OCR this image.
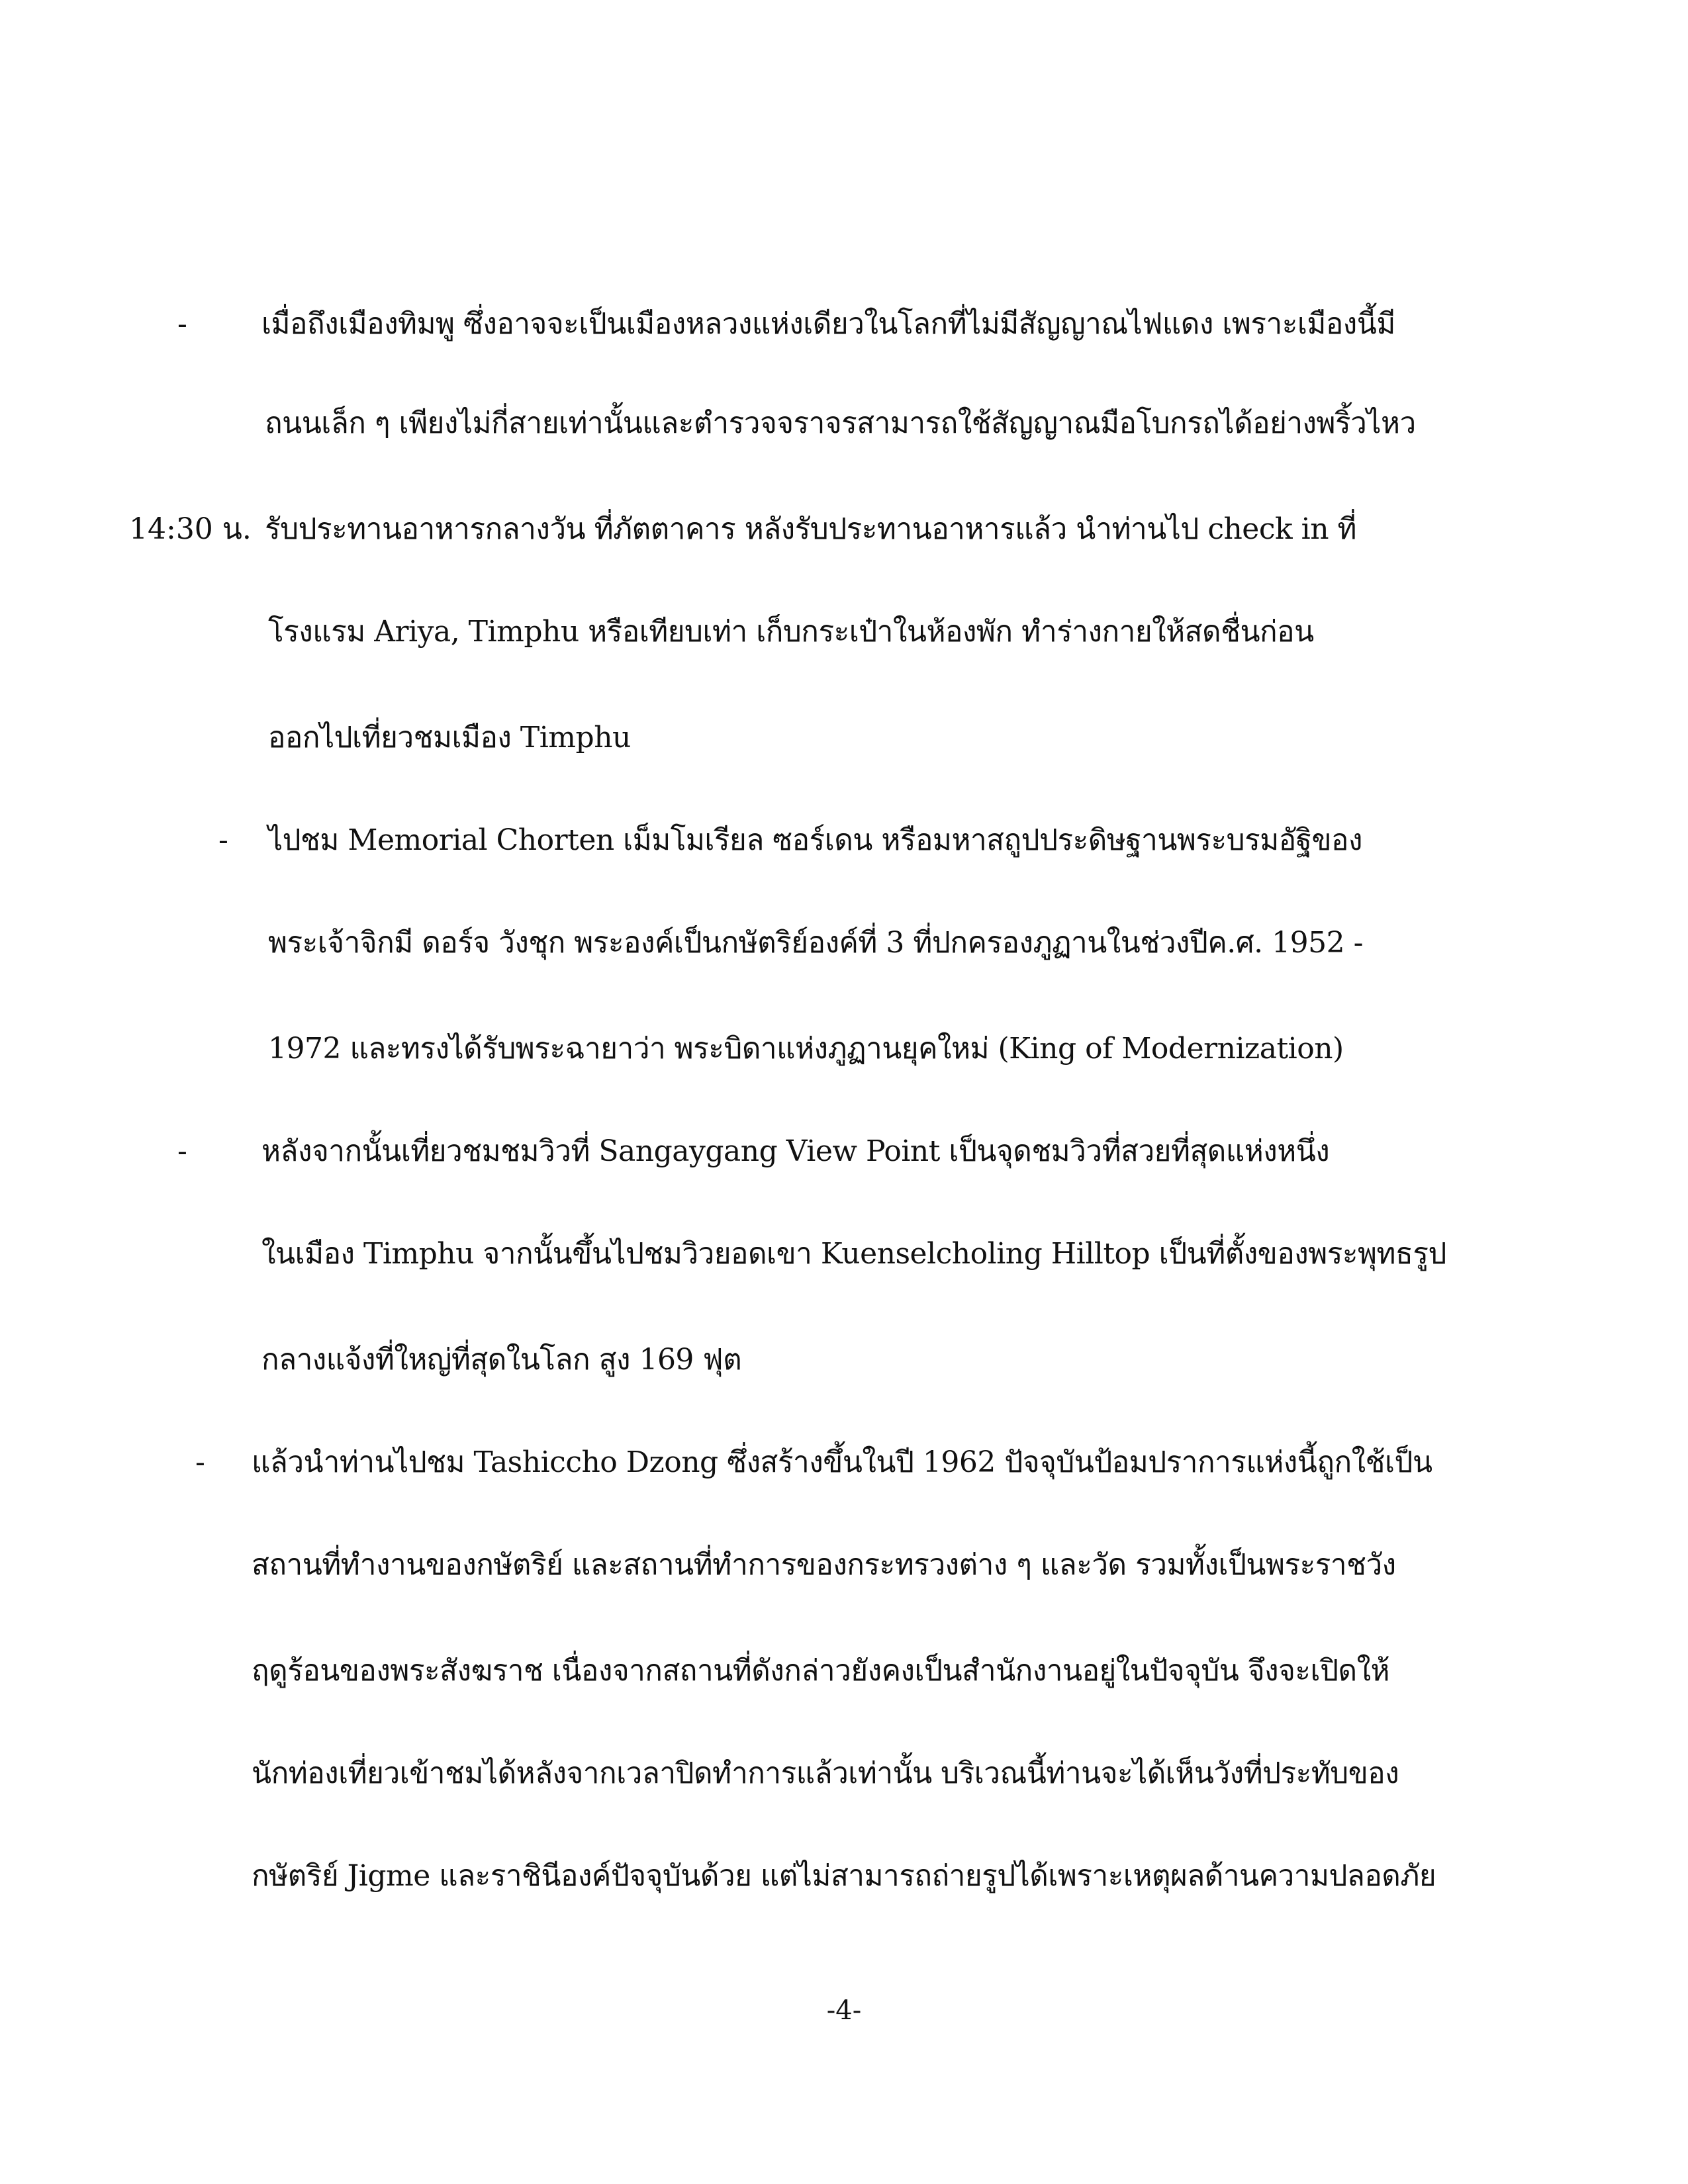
-	เมื่อถึงเมืองทิมพู ซึ่งอาจจะเป็นเมืองหลวงแห่งเดียวในโลกที่ไม่มีสัญญาณไฟแดง เพราะเมืองนี้มี
ถนนเล็ก ๆ เพียงไม่กี่สายเท่านั้นและตำรวจจราจรสามารถใช้สัญญาณมือโบกรถได้อย่างพริ้วไหว
14:30 น. รับประทานอาหารกลางวัน ที่ภัตตาคาร หลังรับประทานอาหารแล้ว นำท่านไป check in ที่
โรงแรม Ariya, Timphu หรือเทียบเท่า เก็บกระเป๋าในห้องพัก ทำร่างกายให้สดชื่นก่อน
ออกไปเที่ยวชมเมือง Timphu
- ไปชม Memorial Chorten เม็มโมเรียล ซอร์เดน หรือมหาสถูปประดิษฐานพระบรมอัฐิของ
พระเจ้าจิกมี ดอร์จ วังชุก พระองค์เป็นกษัตริย์องค์ที่ 3 ที่ปกครองภูฏานในช่วงปีค.ศ. 1952 -
1972 และทรงได้รับพระฉายาว่า พระบิดาแห่งภูฏานยุคใหม่ (King of Modernization)
-	หลังจากนั้นเที่ยวชมชมวิวที่ Sangaygang View Point เป็นจุดชมวิวที่สวยที่สุดแห่งหนึ่ง
ในเมือง Timphu จากนั้นขึ้นไปชมวิวยอดเขา Kuenselcholing Hilltop เป็นที่ตั้งของพระพุทธรูป
กลางแจ้งที่ใหญ่ที่สุดในโลก สูง 169 ฟุต
- แล้วนำท่านไปชม Tashiccho Dzong ซึ่งสร้างขึ้นในปี 1962 ปัจจุบันป้อมปราการแห่งนี้ถูกใช้เป็น
สถานที่ทำงานของกษัตริย์ และสถานที่ทำการของกระทรวงต่าง ๆ และวัด รวมทั้งเป็นพระราชวัง
ฤดูร้อนของพระสังฆราช เนื่องจากสถานที่ดังกล่าวยังคงเป็นสำนักงานอยู่ในปัจจุบัน จึงจะเปิดให้
นักท่องเที่ยวเข้าชมได้หลังจากเวลาปิดทำการแล้วเท่านั้น บริเวณนี้ท่านจะได้เห็นวังที่ประทับของ
กษัตริย์ Jigme และราชินีองค์ปัจจุบันด้วย แต่ไม่สามารถถ่ายรูปได้เพราะเหตุผลด้านความปลอดภัย
-4-
